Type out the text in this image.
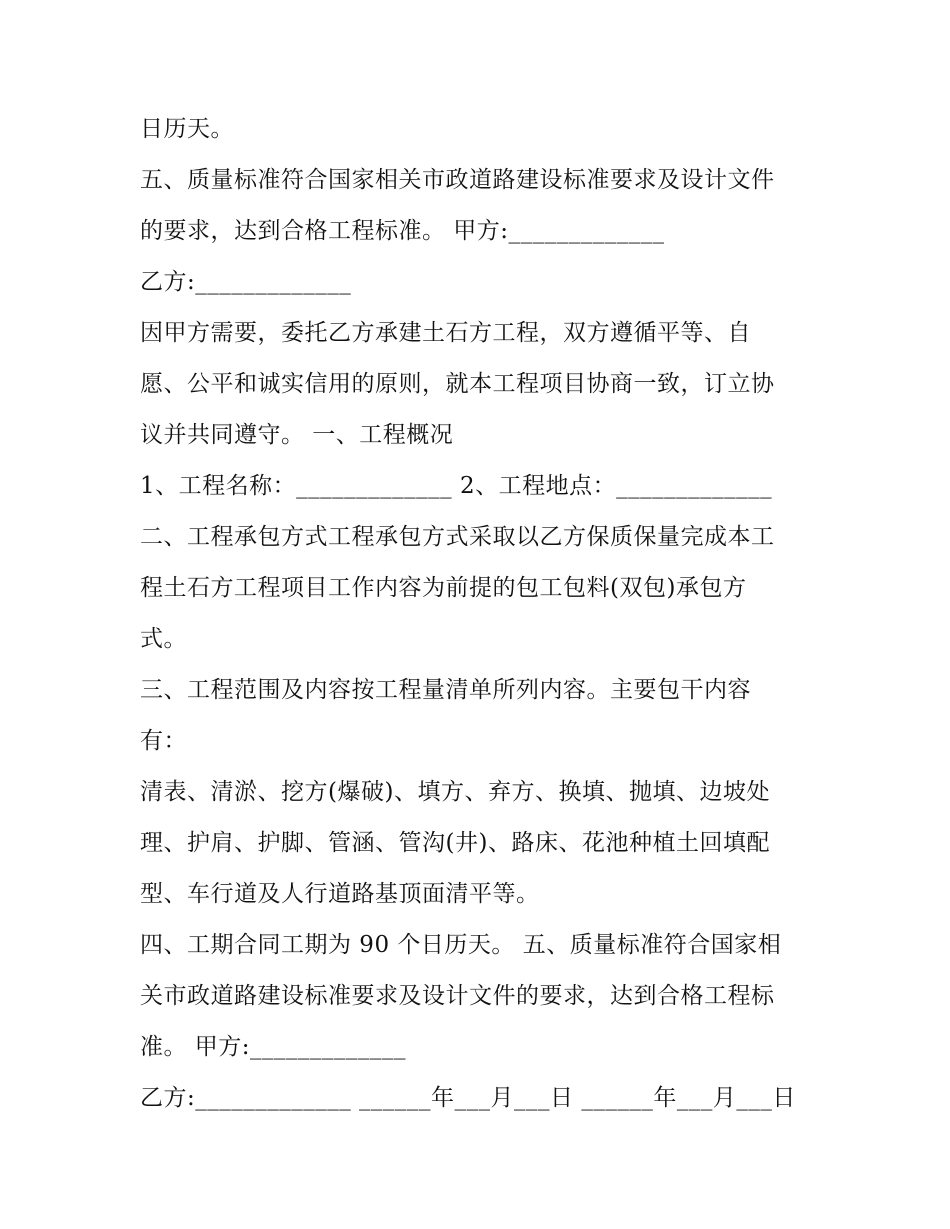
日历天。
五、质量标准符合国家相关市政道路建设标准要求及设计文件
的要求，达到合格工程标准。 甲方:_____________
乙方:_____________
因甲方需要，委托乙方承建土石方工程，双方遵循平等、自
愿、公平和诚实信用的原则，就本工程项目协商一致，订立协
议并共同遵守。 一、工程概况
1、工程名称：_____________ 2、工程地点：_____________
二、工程承包方式工程承包方式采取以乙方保质保量完成本工
程土石方工程项目工作内容为前提的包工包料(双包)承包方
式。
三、工程范围及内容按工程量清单所列内容。主要包干内容
有：
清表、清淤、挖方(爆破)、填方、弃方、换填、抛填、边坡处
理、护肩、护脚、管涵、管沟(井)、路床、花池种植土回填配
型、车行道及人行道路基顶面清平等。
四、工期合同工期为 90 个日历天。 五、质量标准符合国家相
关市政道路建设标准要求及设计文件的要求，达到合格工程标
准。 甲方:_____________
乙方:_____________ ______年___月___日 ______年___月___日
